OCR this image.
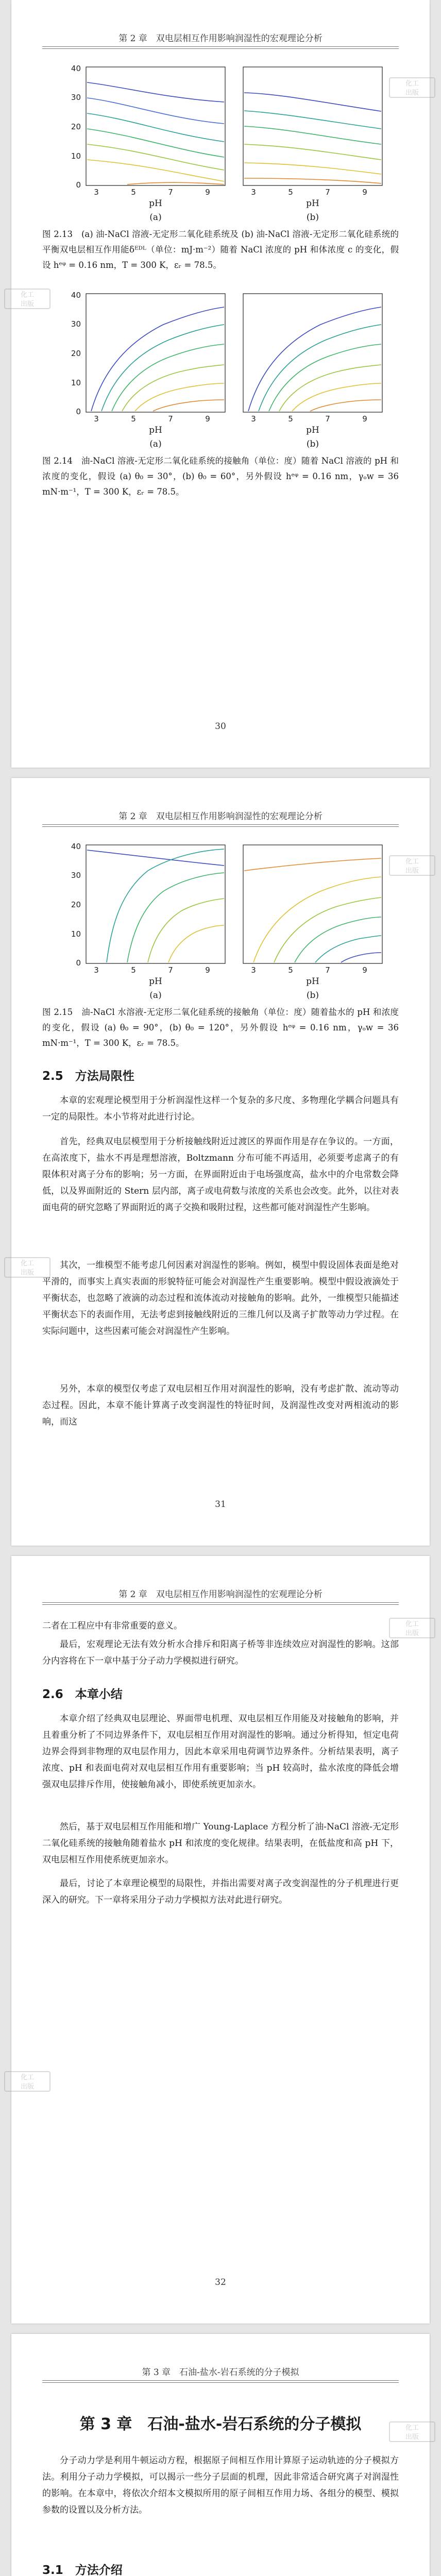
第 2 章　双电层相互作用影响润湿性的宏观理论分析
0
10
20
30
40
3	5	7	9
pH
(a)
3	5	7	9
pH
(b)
图 2.13　(a) 油-NaCl 溶液-无定形二氧化硅系统及 (b) 油-NaCl 溶液-无定形二氧化硅系统的平衡双电层相互作用能δᴱᴰᴸ（单位：mJ·m⁻²）随着 NaCl 浓度的 pH 和体浓度 c 的变化，假设 hᵉᵠ = 0.16 nm，T = 300 K，εᵣ = 78.5。
0
10
20
30
40
3	5	7	9
pH
(a)
3	5	7	9
pH
(b)
图 2.14　油-NaCl 溶液-无定形二氧化硅系统的接触角（单位：度）随着 NaCl 溶液的 pH 和浓度的变化，假设 (a) θ₀ = 30°，(b) θ₀ = 60°，另外假设 hᵉᵠ = 0.16 nm，γₒw = 36 mN·m⁻¹，T = 300 K，εᵣ = 78.5。
30
第 2 章　双电层相互作用影响润湿性的宏观理论分析
0
10
20
30
40
3	5	7	9
pH
(a)
3	5	7	9
pH
(b)
图 2.15　油-NaCl 水溶液-无定形二氧化硅系统的接触角（单位：度）随着盐水的 pH 和浓度的变化，假设 (a) θ₀ = 90°，(b) θ₀ = 120°，另外假设 hᵉᵠ = 0.16 nm，γₒw = 36 mN·m⁻¹，T = 300 K，εᵣ = 78.5。
2.5　方法局限性
本章的宏观理论模型用于分析润湿性这样一个复杂的多尺度、多物理化学耦合问题具有一定的局限性。本小节将对此进行讨论。
首先，经典双电层模型用于分析接触线附近过渡区的界面作用是存在争议的。一方面，在高浓度下，盐水不再是理想溶液，Boltzmann 分布可能不再适用，必须要考虑离子的有限体积对离子分布的影响；另一方面，在界面附近由于电场强度高，盐水中的介电常数会降低，以及界面附近的 Stern 层内部，离子或电荷数与浓度的关系也会改变。此外，以往对表面电荷的研究忽略了界面附近的离子交换和吸附过程，这些都可能对润湿性产生影响。
其次，一维模型不能考虑几何因素对润湿性的影响。例如，模型中假设固体表面是绝对平滑的，而事实上真实表面的形貌特征可能会对润湿性产生重要影响。模型中假设液滴处于平衡状态，也忽略了液滴的动态过程和流体流动对接触角的影响。此外，一维模型只能描述平衡状态下的表面作用，无法考虑到接触线附近的三维几何以及离子扩散等动力学过程。在实际问题中，这些因素可能会对润湿性产生影响。
另外，本章的模型仅考虑了双电层相互作用对润湿性的影响，没有考虑扩散、流动等动态过程。因此，本章不能计算离子改变润湿性的特征时间，及润湿性改变对两相流动的影响，而这
31
第 2 章　双电层相互作用影响润湿性的宏观理论分析
二者在工程应中有非常重要的意义。
最后，宏观理论无法有效分析水合排斥和阳离子桥等非连续效应对润湿性的影响。这部分内容将在下一章中基于分子动力学模拟进行研究。
2.6　本章小结
本章介绍了经典双电层理论、界面带电机理、双电层相互作用能及对接触角的影响，并且着重分析了不同边界条件下，双电层相互作用对润湿性的影响。通过分析得知，恒定电荷边界会得到非物理的双电层作用力，因此本章采用电荷调节边界条件。分析结果表明，离子浓度、pH 和表面电荷对双电层相互作用有重要影响；当 pH 较高时，盐水浓度的降低会增强双电层排斥作用，使接触角减小，即使系统更加亲水。
然后，基于双电层相互作用能和增广 Young-Laplace 方程分析了油-NaCl 溶液-无定形二氧化硅系统的接触角随着盐水 pH 和浓度的变化规律。结果表明，在低盐度和高 pH 下，双电层相互作用使系统更加亲水。
最后，讨论了本章理论模型的局限性，并指出需要对离子改变润湿性的分子机理进行更深入的研究。下一章将采用分子动力学模拟方法对此进行研究。
32
第 3 章　石油-盐水-岩石系统的分子模拟
第 3 章　石油-盐水-岩石系统的分子模拟
分子动力学是利用牛顿运动方程，根据原子间相互作用计算原子运动轨迹的分子模拟方法。利用分子动力学模拟，可以揭示一些分子层面的机理，因此非常适合研究离子对润湿性的影响。在本章中，将依次介绍本文模拟所用的原子间相互作用力场、各组分的模型、模拟参数的设置以及分析方法。
3.1　方法介绍
化工
出版
化工
出版
化工
出版
化工
出版
化工
出版
化工
出版
化工
出版
